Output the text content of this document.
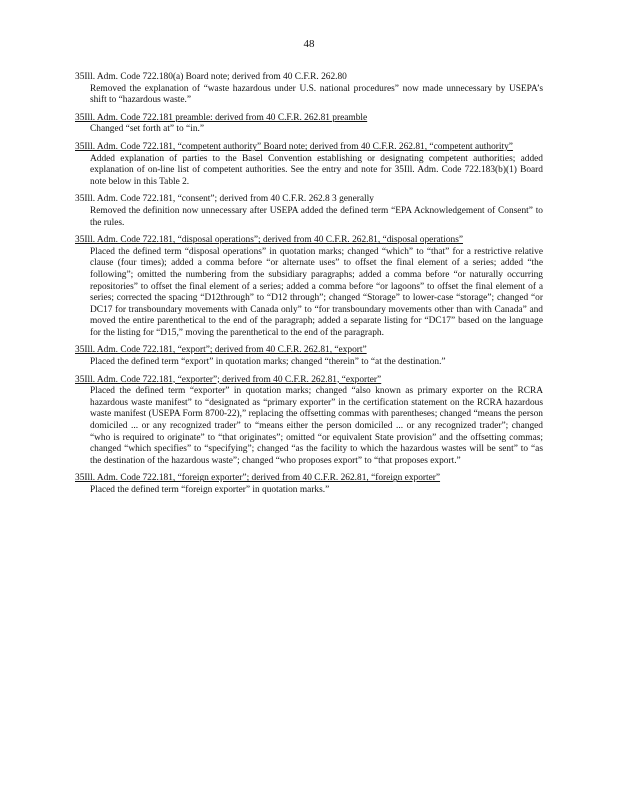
48
35Ill. Adm. Code 722.180(a) Board note; derived from 40 C.F.R. 262.80
Removed the explanation of “waste hazardous under U.S. national procedures” now made unnecessary by USEPA’s shift to “hazardous waste.”
35Ill. Adm. Code 722.181 preamble: derived from 40 C.F.R. 262.81 preamble
Changed “set forth at” to “in.”
35Ill. Adm. Code 722.181, “competent authority” Board note; derived from 40 C.F.R. 262.81, “competent authority”
Added explanation of parties to the Basel Convention establishing or designating competent authorities; added explanation of on-line list of competent authorities. See the entry and note for 35Ill. Adm. Code 722.183(b)(1) Board note below in this Table 2.
35Ill. Adm. Code 722.181, “consent”; derived from 40 C.F.R. 262.8 3 generally
Removed the definition now unnecessary after USEPA added the defined term “EPA Acknowledgement of Consent” to the rules.
35Ill. Adm. Code 722.181, “disposal operations”; derived from 40 C.F.R. 262.81, “disposal operations”
Placed the defined term “disposal operations” in quotation marks; changed “which” to “that” for a restrictive relative clause (four times); added a comma before “or alternate uses” to offset the final element of a series; added “the following”; omitted the numbering from the subsidiary paragraphs; added a comma before “or naturally occurring repositories” to offset the final element of a series; added a comma before “or lagoons” to offset the final element of a series; corrected the spacing “D12through” to “D12 through”; changed “Storage” to lower-case “storage”; changed “or DC17 for transboundary movements with Canada only” to “for transboundary movements other than with Canada” and moved the entire parenthetical to the end of the paragraph; added a separate listing for “DC17” based on the language for the listing for “D15,” moving the parenthetical to the end of the paragraph.
35Ill. Adm. Code 722.181, “export”; derived from 40 C.F.R. 262.81, “export”
Placed the defined term “export” in quotation marks; changed “therein” to “at the destination.”
35Ill. Adm. Code 722.181, “exporter”; derived from 40 C.F.R. 262.81, “exporter”
Placed the defined term “exporter” in quotation marks; changed “also known as primary exporter on the RCRA hazardous waste manifest” to “designated as “primary exporter” in the certification statement on the RCRA hazardous waste manifest (USEPA Form 8700-22),” replacing the offsetting commas with parentheses; changed “means the person domiciled ... or any recognized trader” to “means either the person domiciled ... or any recognized trader”; changed “who is required to originate” to “that originates”; omitted “or equivalent State provision” and the offsetting commas; changed “which specifies” to “specifying”; changed “as the facility to which the hazardous wastes will be sent” to “as the destination of the hazardous waste”; changed “who proposes export” to “that proposes export.”
35Ill. Adm. Code 722.181, “foreign exporter”; derived from 40 C.F.R. 262.81, “foreign exporter”
Placed the defined term “foreign exporter” in quotation marks.”
